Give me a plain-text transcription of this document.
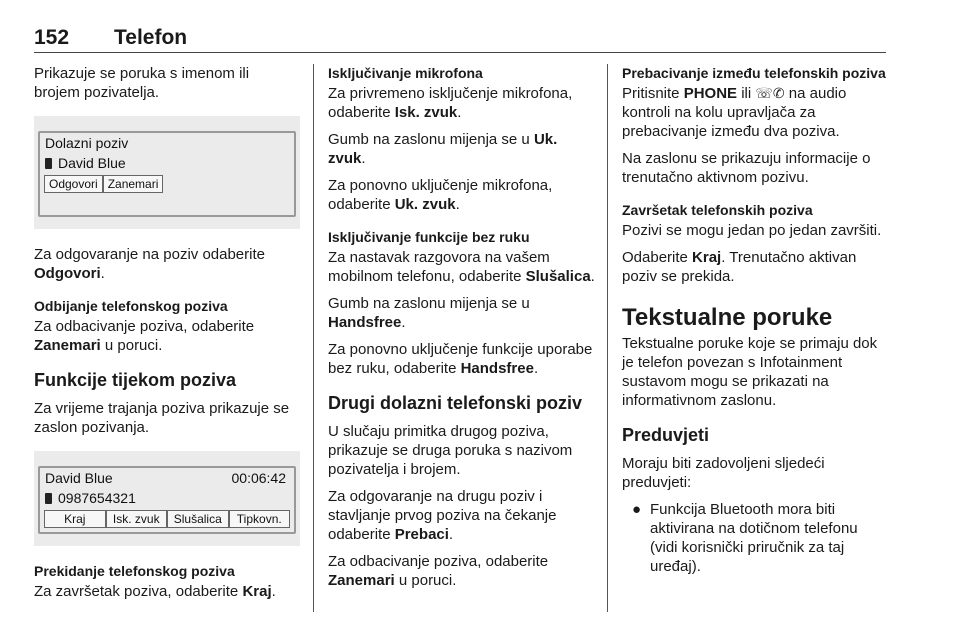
152 Telefon

Prikazuje se poruka s imenom ili brojem pozivatelja.

Dolazni poziv
David Blue
Odgovori Zanemari

Za odgovaranje na poziv odaberite Odgovori.

Odbijanje telefonskog poziva

Za odbacivanje poziva, odaberite Zanemari u poruci.

Funkcije tijekom poziva

Za vrijeme trajanja poziva prikazuje se zaslon pozivanja.

David Blue	00:06:42
0987654321
Kraj	Isk. zvuk	Slušalica	Tipkovn.
Prekidanje telefonskog poziva

Za završetak poziva, odaberite Kraj.

Isključivanje mikrofona

Za privremeno isključenje mikrofona, odaberite Isk. zvuk.

Gumb na zaslonu mijenja se u Uk. zvuk.

Za ponovno uključenje mikrofona, odaberite Uk. zvuk.

Isključivanje funkcije bez ruku

Za nastavak razgovora na vašem mobilnom telefonu, odaberite Slušalica.

Gumb na zaslonu mijenja se u Handsfree.

Za ponovno uključenje funkcije uporabe bez ruku, odaberite Handsfree.

Drugi dolazni telefonski poziv

U slučaju primitka drugog poziva, prikazuje se druga poruka s nazivom pozivatelja i brojem.

Za odgovaranje na drugu poziv i stavljanje prvog poziva na čekanje odaberite Prebaci.

Za odbacivanje poziva, odaberite Zanemari u poruci.

Prebacivanje između telefonskih poziva

Pritisnite PHONE ili ☏✆ na audio kontroli na kolu upravljača za prebacivanje između dva poziva.

Na zaslonu se prikazuju informacije o trenutačno aktivnom pozivu.

Završetak telefonskih poziva

Pozivi se mogu jedan po jedan završiti.

Odaberite Kraj. Trenutačno aktivan poziv se prekida.

Tekstualne poruke

Tekstualne poruke koje se primaju dok je telefon povezan s Infotainment sustavom mogu se prikazati na informativnom zaslonu.

Preduvjeti

Moraju biti zadovoljeni sljedeći preduvjeti:

● Funkcija Bluetooth mora biti aktivirana na dotičnom telefonu (vidi korisnički priručnik za taj uređaj).
